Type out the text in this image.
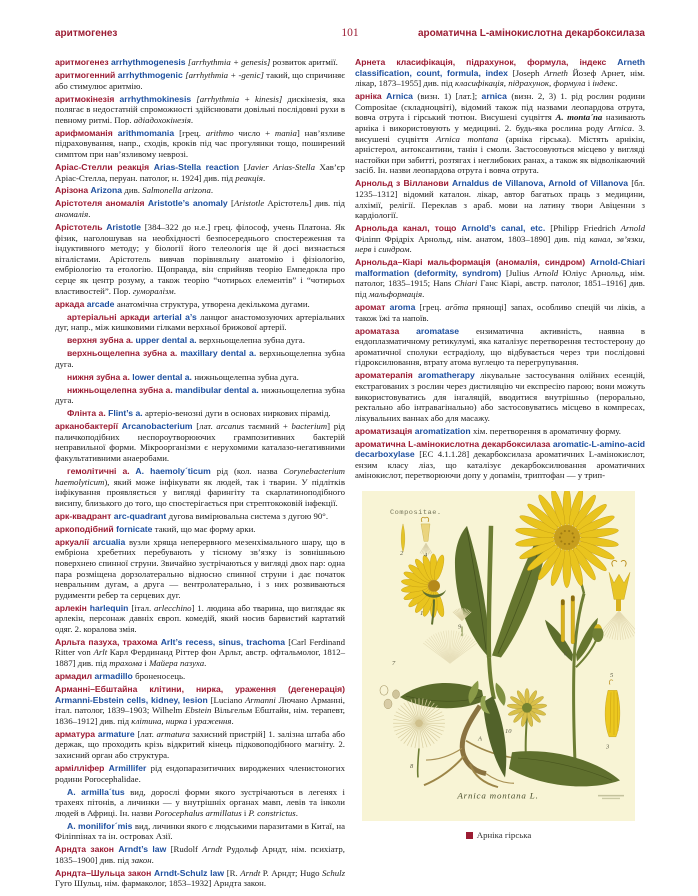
аритмогенез	101	ароматична L-амінокислотна декарбоксилаза

аритмогенез arrhythmogenesis [arrhythmia + genesis] розвиток аритмії.

аритмогенний arrhythmogenic [arrhythmia + -genic] такий, що спричиняє або стимулює аритмію.

аритмокінезія arrhythmokinesis [arrhythmia + kinesis] дискінезія, яка полягає в недостатній спроможності здійснювати довільні послідовні рухи в певному ритмі. Пор. адіадохокінезія.

арифмоманія arithmomania [грец. arithmo число + mania] нав’язливе підраховування, напр., сходів, кроків під час прогулянки тощо, поширений симптом при нав’язливому неврозі.

Аріас-Стелли реакція Arias-Stella reaction [Javier Arias-Stella Хав’єр Аріас-Стелла, перуан. патолог, н. 1924] див. під реакція.

Арізона Arizona див. Salmonella arizona.

Арістотеля аномалія Aristotle’s anomaly [Aristotle Арістотель] див. під аномалія.

Арістотель Aristotle [384–322 до н.е.] грец. філософ, учень Платона. Як фізик, наголошував на необхідності безпосереднього спостереження та індуктивного методу; у біології його телеологія ще й досі визнається віталістами. Арістотель вивчав порівняльну анатомію і фізіологію, ембріологію та етологію. Щоправда, він сприйняв теорію Емпедокла про серце як центр розуму, а також теорію “чотирьох елементів” і “чотирьох властивостей”. Пор. гуморалізм.

аркада arcade анатомічна структура, утворена декількома дугами.

артеріальні аркади arterial a’s ланцюг анастомозуючих артеріальних дуг, напр., між кишковими гілками верхньої брижової артерії.

верхня зубна a. upper dental a. верхньощелепна зубна дуга.

верхньощелепна зубна a. maxillary dental a. верхньощелепна зубна дуга.

нижня зубна a. lower dental a. нижньощелепна зубна дуга.

нижньощелепна зубна a. mandibular dental a. нижньощелепна зубна дуга.

Флінта a. Flint’s a. артеріо-венозні дуги в основах ниркових пірамід.

арканобактерії Arcanobacterium [лат. arcanus таємний + bacterium] рід паличкоподібних неспороутворюючих грампозитивних бактерій неправильної форми. Мікроорганізми є нерухомими каталазо-негативними факультативними анаеробами.

гемолітичні a. A. haemoly´ticum рід (кол. назва Corynebacterium haemolyticum), який може інфікувати як людей, так і тварин. У підлітків інфікування проявляється у вигляді фарингіту та скарлатиноподібного висипу, близького до того, що спостерігається при стрептококовій інфекції.

арк-квадрант arc-quadrant дугова вимірювальна система з дугою 90°.

аркоподібний fornicate такий, що має форму арки.

аркуалії arcualia вузли хряща неперервного мезенхімального шару, що в ембріона хребетних перебувають у тісному зв’язку із зовнішньою поверхнею спинної струни. Звичайно зустрічаються у вигляді двох пар: одна пара розміщена дорзолатерально відносно спинної струни і дає початок невральним дугам, а друга — вентролатерально, і з них розвиваються рудименти ребер та серцевих дуг.

арлекін harlequin [італ. arlecchino] 1. людина або тварина, що виглядає як арлекін, персонаж давніх європ. комедій, який носив барвистий картатий одяг. 2. коралова змія.

Арльта пазуха, трахома Arlt’s recess, sinus, trachoma [Carl Ferdinand Ritter von Arlt Карл Фердинанд Ріттер фон Арльт, австр. офтальмолог, 1812–1887] див. під трахома і Майера пазуха.

армадил armadillo броненосець.

Арманні–Ебштайна клітини, нирка, ураження (дегенерація) Armanni-Ebstein cells, kidney, lesion [Luciano Armanni Лючано Арманні, італ. патолог, 1839–1903; Wilhelm Ebstein Вільгельм Ебштайн, нім. терапевт, 1836–1912] див. під клітина, нирка і ураження.

арматура armature [лат. armatura захисний пристрій] 1. залізна штаба або держак, що проходить крізь відкритий кінець підковоподібного магніту. 2. захисний орган або структура.

армілліфер Armillifer рід ендопаразитичних вироджених членистоногих родини Porocephalidae.

A. armilla´tus вид, дорослі форми якого зустрічаються в легенях і трахеях пітонів, а личинки — у внутрішніх органах мавп, левів та інколи людей в Африці. Ін. назви Porocephalus armillatus і P. constrictus.

A. monilifor´mis вид, личинки якого є людськими паразитами в Китаї, на Філіппінах та ін. островах Азії.

Арндта закон Arndt’s law [Rudolf Arndt Рудольф Арндт, нім. психіатр, 1835–1900] див. під закон.

Арндта–Шульца закон Arndt-Schulz law [R. Arndt Р. Арндт; Hugo Schulz Гуго Шульц, нім. фармаколог, 1853–1932] Арндта закон.

Арнета класифікація, підрахунок, формула, індекс Arneth classification, count, formula, index [Joseph Arneth Йозеф Арнет, нім. лікар, 1873–1955] див. під класифікація, підрахунок, формула і індекс.

арніка Arnica (визн. 1) [лат.]; arnica (визн. 2, 3) 1. рід рослин родини Compositae (складноцвіті), відомий також під назвами леопардова отрута, вовча отрута і гірський тютюн. Висушені суцвіття A. monta´na називають арніка і використовують у медицині. 2. будь-яка рослина роду Arnica. 3. висушені суцвіття Arnica montana (арніка гірська). Містять арнікін, арністерол, антоксантини, танін і смоли. Застосовуються місцево у вигляді настойки при забитті, розтягах і неглибоких ранах, а також як відволікаючий засіб. Ін. назви леопардова отрута і вовча отрута.

Арнольд з Вілланови Arnaldus de Villanova, Arnold of Villanova [бл. 1235–1312] відомий каталон. лікар, автор багатьох праць з медицини, алхімії, релігії. Переклав з араб. мови на латину твори Авіценни з кардіології.

Арнольда канал, тощо Arnold’s canal, etc. [Philipp Friedrich Arnold Філіпп Фрідріх Арнольд, нім. анатом, 1803–1890] див. під канал, зв’язки, нерв і синдром.

Арнольда–Кіарі мальформація (аномалія, синдром) Arnold-Chiari malformation (deformity, syndrom) [Julius Arnold Юліус Арнольд, нім. патолог, 1835–1915; Hans Chiari Ганс Кіарі, австр. патолог, 1851–1916] див. під мальформація.

аромат aroma [грец. arōma прянощі] запах, особливо спецій чи ліків, а також їжі та напоїв.

ароматаза aromatase ензиматична активність, наявна в ендоплазматичному ретикулумі, яка каталізує перетворення тестостерону до ароматичної сполуки естрадіолу, що відбувається через три послідовні гідроксилювання, втрату атома вуглецю та перегрупування.

ароматерапія aromatherapy лікувальне застосування олійних есенцій, екстрагованих з рослин через дистиляцію чи експресію парою; вони можуть використовуватись для інгаляцій, вводитися внутрішньо (перорально, ректально або інтравагінально) або застосовуватись місцево в компресах, лікувальних ваннах або для масажу.

ароматизація aromatization хім. перетворення в ароматичну форму.

ароматична L-амінокислотна декарбоксилаза aromatic-L-amino-acid decarboxylase [EC 4.1.1.28] декарбоксилаза ароматичних L-амінокислот, ензим класу ліаз, що каталізує декарбоксилювання ароматичних амінокислот, перетворюючи допу у допамін, триптофан — у трип-

Compositae.
2	4
1
9
7
5
6
8
10
3
A
Arnica montana L.
Арніка гірська
